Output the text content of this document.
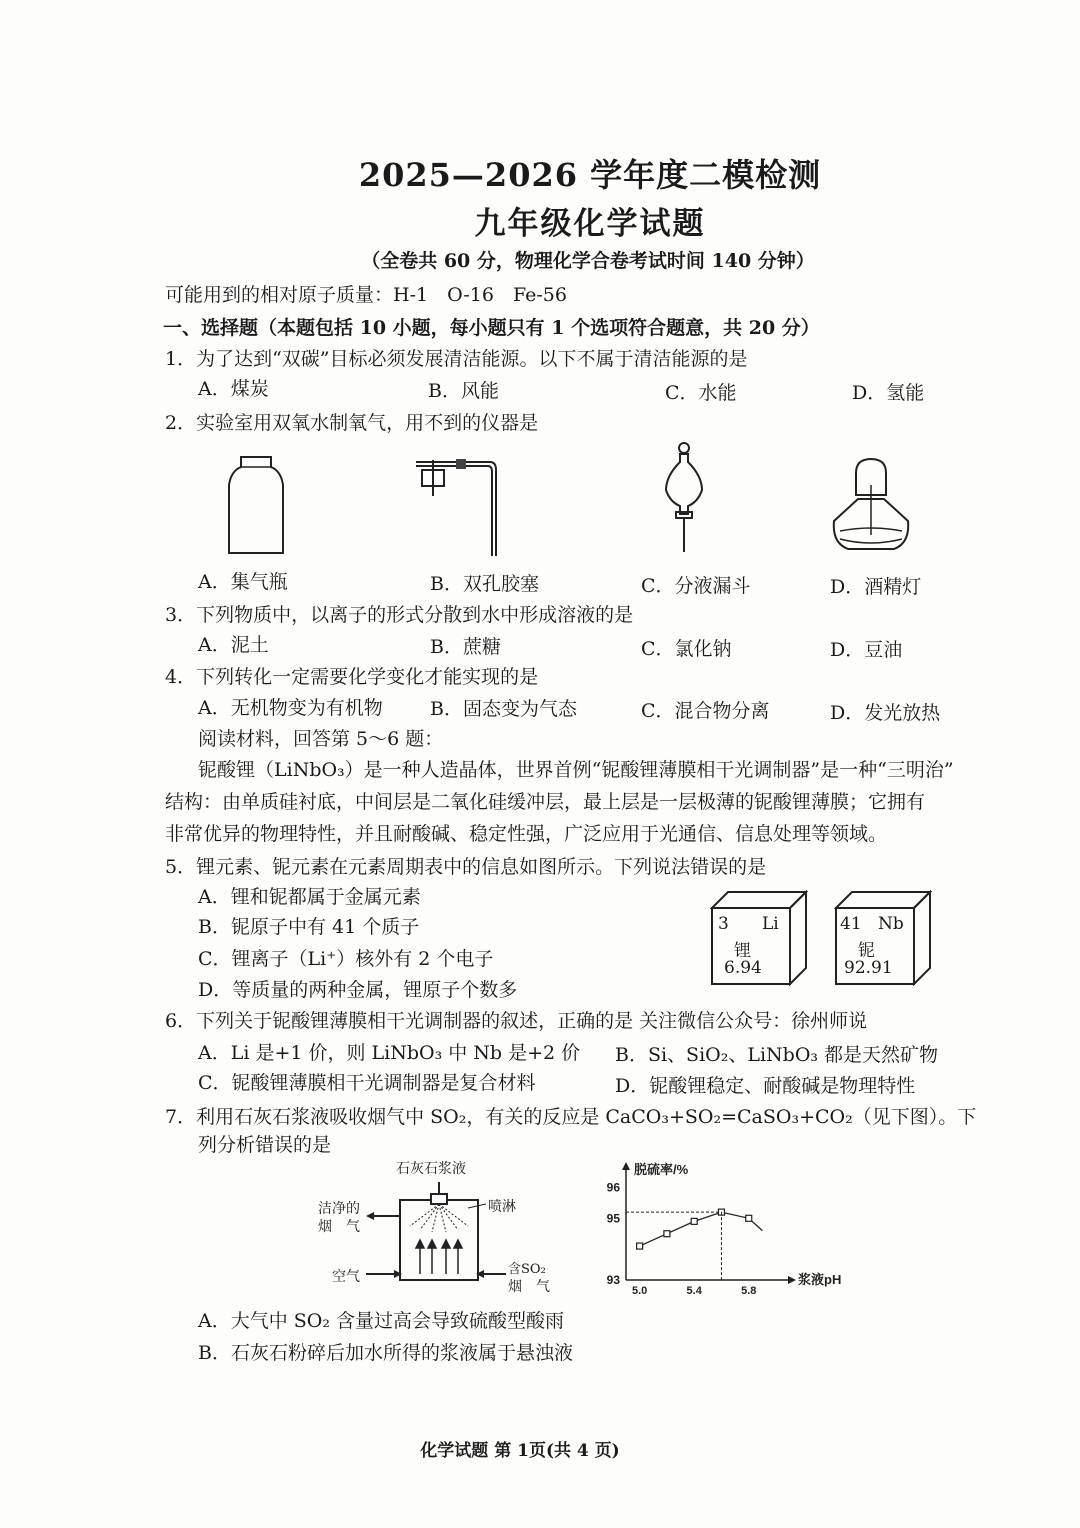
2025—2026 学年度二模检测
九年级化学试题
（全卷共 60 分，物理化学合卷考试时间 140 分钟）
可能用到的相对原子质量：H-1　O-16　Fe-56
一、选择题（本题包括 10 小题，每小题只有 1 个选项符合题意，共 20 分）
1．为了达到“双碳”目标必须发展清洁能源。以下不属于清洁能源的是
A．煤炭	B．风能	C．水能	D．氢能
2．实验室用双氧水制氧气，用不到的仪器是
A．集气瓶	B．双孔胶塞	C．分液漏斗	D．酒精灯
3．下列物质中，以离子的形式分散到水中形成溶液的是
A．泥土	B．蔗糖	C．氯化钠	D．豆油
4．下列转化一定需要化学变化才能实现的是
A．无机物变为有机物 B．固态变为气态	C．混合物分离	D．发光放热
阅读材料，回答第 5～6 题：
铌酸锂（LiNbO₃）是一种人造晶体，世界首例“铌酸锂薄膜相干光调制器”是一种“三明治”
结构：由单质硅衬底，中间层是二氧化硅缓冲层，最上层是一层极薄的铌酸锂薄膜；它拥有
非常优异的物理特性，并且耐酸碱、稳定性强，广泛应用于光通信、信息处理等领域。
5．锂元素、铌元素在元素周期表中的信息如图所示。下列说法错误的是
A．锂和铌都属于金属元素
B．铌原子中有 41 个质子
C．锂离子（Li⁺）核外有 2 个电子
D．等质量的两种金属，锂原子个数多
3 Li
锂
6.94
41 Nb
铌
92.91
6．下列关于铌酸锂薄膜相干光调制器的叙述，正确的是 关注微信公众号：徐州师说
A．Li 是+1 价，则 LiNbO₃ 中 Nb 是+2 价 B．Si、SiO₂、LiNbO₃ 都是天然矿物
C．铌酸锂薄膜相干光调制器是复合材料	D．铌酸锂稳定、耐酸碱是物理特性
7．利用石灰石浆液吸收烟气中 SO₂，有关的反应是 CaCO₃+SO₂=CaSO₃+CO₂（见下图）。下
列分析错误的是
石灰石浆液
洁净的
烟　气
喷淋
空气	含SO₂
烟　气
脱硫率/%
浆液pH
93
95
96
5.0	5.4	5.8
A．大气中 SO₂ 含量过高会导致硫酸型酸雨
B．石灰石粉碎后加水所得的浆液属于悬浊液
化学试题 第 1页(共 4 页)
